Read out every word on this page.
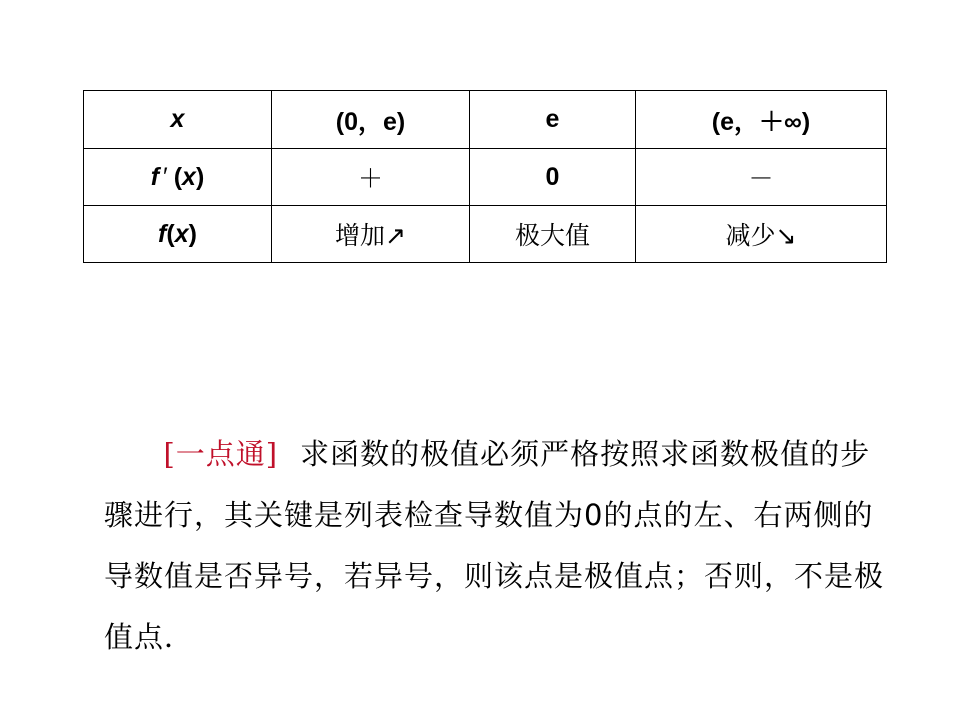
x	(0，e)	e	(e，＋∞)
f ′ (x)	＋	0	－
f(x)	增加↗	极大值	减少↘

[一点通] 求函数的极值必须严格按照求函数极值的步骤进行，其关键是列表检查导数值为0的点的左、右两侧的导数值是否异号，若异号，则该点是极值点；否则，不是极值点．
